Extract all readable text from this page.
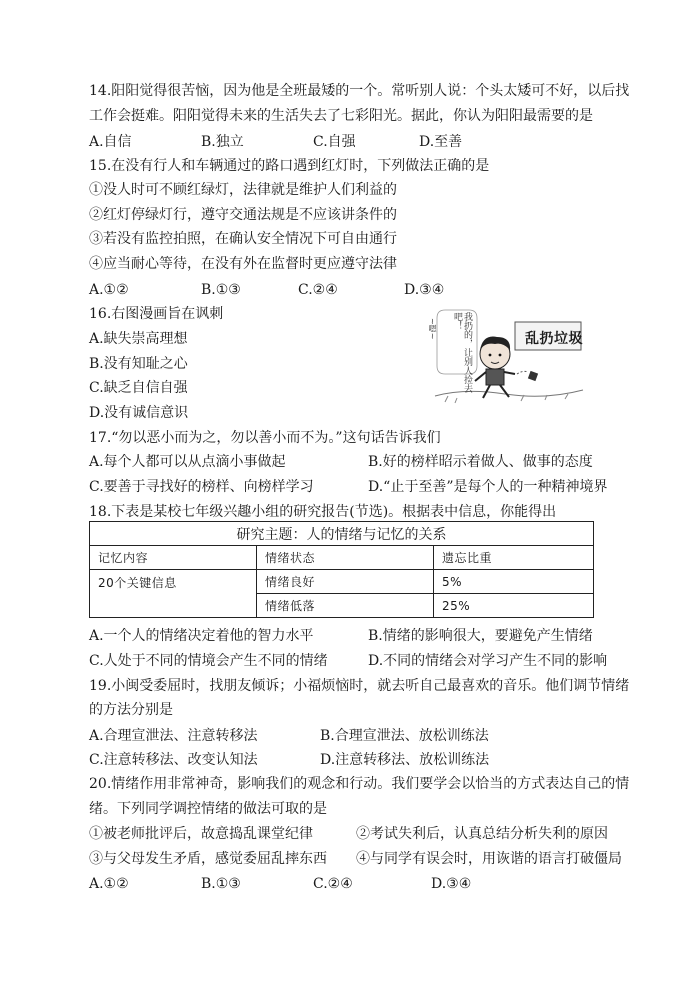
14.阳阳觉得很苦恼，因为他是全班最矮的一个。常听别人说：个头太矮可不好，以后找
工作会挺难。阳阳觉得未来的生活失去了七彩阳光。据此，你认为阳阳最需要的是
A.自信	B.独立	C.自强	D.至善
15.在没有行人和车辆通过的路口遇到红灯时，下列做法正确的是
①没人时可不顾红绿灯，法律就是维护人们利益的
②红灯停绿灯行，遵守交通法规是不应该讲条件的
③若没有监控拍照，在确认安全情况下可自由通行
④应当耐心等待，在没有外在监督时更应遵守法律
A.①②	B.①③	C.②④	D.③④
16.右图漫画旨在讽刺
A.缺失崇高理想
B.没有知耻之心
C.缺乏自信自强
D.没有诚信意识
乱扔垃圾
我扔的，让别人捡去吧！
~嗯~
17.“勿以恶小而为之，勿以善小而不为。”这句话告诉我们
A.每个人都可以从点滴小事做起	B.好的榜样昭示着做人、做事的态度
C.要善于寻找好的榜样、向榜样学习	D.“止于至善”是每个人的一种精神境界
18.下表是某校七年级兴趣小组的研究报告(节选)。根据表中信息，你能得出
研究主题：人的情绪与记忆的关系		
记忆内容	情绪状态	遗忘比重
20个关键信息	情绪良好	5%
	情绪低落	25%
A.一个人的情绪决定着他的智力水平	B.情绪的影响很大，要避免产生情绪
C.人处于不同的情境会产生不同的情绪	D.不同的情绪会对学习产生不同的影响
19.小闽受委屈时，找朋友倾诉；小福烦恼时，就去听自己最喜欢的音乐。他们调节情绪
的方法分别是
A.合理宣泄法、注意转移法	B.合理宣泄法、放松训练法
C.注意转移法、改变认知法	D.注意转移法、放松训练法
20.情绪作用非常神奇，影响我们的观念和行动。我们要学会以恰当的方式表达自己的情
绪。下列同学调控情绪的做法可取的是
①被老师批评后，故意捣乱课堂纪律	②考试失利后，认真总结分析失利的原因
③与父母发生矛盾，感觉委屈乱摔东西 ④与同学有误会时，用诙谐的语言打破僵局
A.①②	B.①③	C.②④	D.③④
